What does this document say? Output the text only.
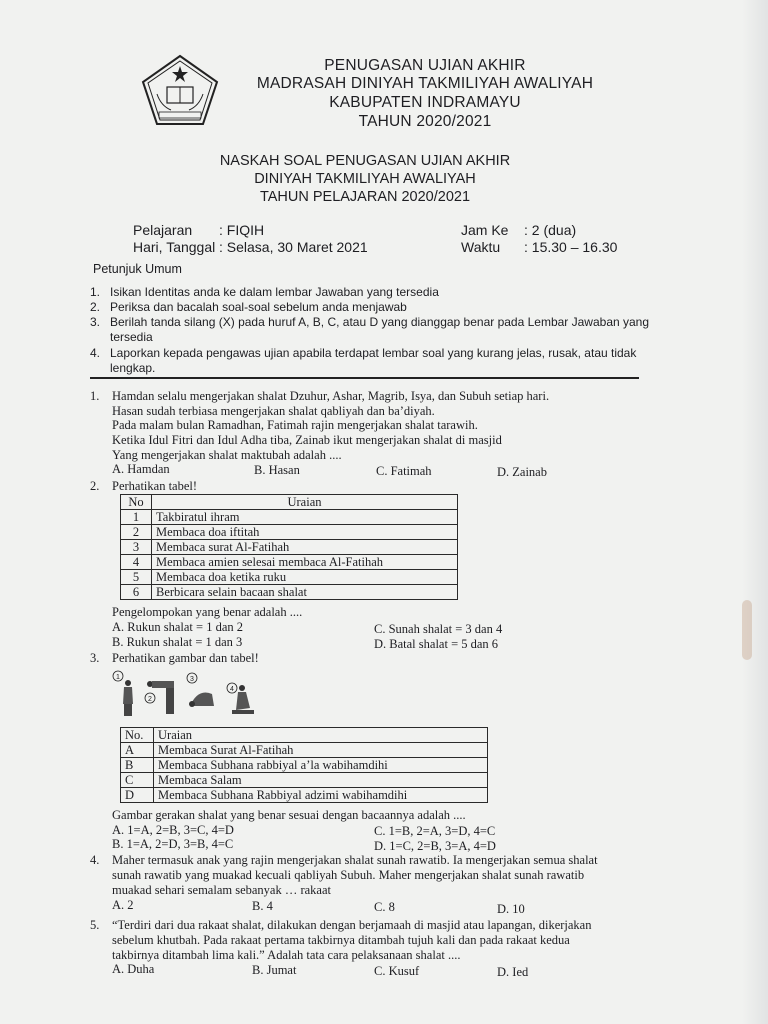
PENUGASAN UJIAN AKHIR
MADRASAH DINIYAH TAKMILIYAH AWALIYAH
KABUPATEN INDRAMAYU
TAHUN 2020/2021
NASKAH SOAL PENUGASAN UJIAN AKHIR
DINIYAH TAKMILIYAH AWALIYAH
TAHUN PELAJARAN 2020/2021
Pelajaran : FIQIH
Hari, Tanggal : Selasa, 30 Maret 2021
Jam Ke : 2 (dua)
Waktu : 15.30 – 16.30
Petunjuk Umum
1. Isikan Identitas anda ke dalam lembar Jawaban yang tersedia
2. Periksa dan bacalah soal-soal sebelum anda menjawab
3. Berilah tanda silang (X) pada huruf A, B, C, atau D yang dianggap benar pada Lembar Jawaban yang tersedia
4. Laporkan kepada pengawas ujian apabila terdapat lembar soal yang kurang jelas, rusak, atau tidak lengkap.
1. Hamdan selalu mengerjakan shalat Dzuhur, Ashar, Magrib, Isya, dan Subuh setiap hari.
Hasan sudah terbiasa mengerjakan shalat qabliyah dan ba’diyah.
Pada malam bulan Ramadhan, Fatimah rajin mengerjakan shalat tarawih.
Ketika Idul Fitri dan Idul Adha tiba, Zainab ikut mengerjakan shalat di masjid
Yang mengerjakan shalat maktubah adalah ....
A. Hamdan	B. Hasan	C. Fatimah	D. Zainab
2. Perhatikan tabel!
No	Uraian
1	Takbiratul ihram
2	Membaca doa iftitah
3	Membaca surat Al-Fatihah
4	Membaca amien selesai membaca Al-Fatihah
5	Membaca doa ketika ruku
6	Berbicara selain bacaan shalat
Pengelompokan yang benar adalah ....
A. Rukun shalat = 1 dan 2
B. Rukun shalat = 1 dan 3
C. Sunah shalat = 3 dan 4
D. Batal shalat = 5 dan 6
3. Perhatikan gambar dan tabel!
1
2
3
4
No.	Uraian
A	Membaca Surat Al-Fatihah
B	Membaca Subhana rabbiyal a’la wabihamdihi
C	Membaca Salam
D	Membaca Subhana Rabbiyal adzimi wabihamdihi
Gambar gerakan shalat yang benar sesuai dengan bacaannya adalah ....
A. 1=A, 2=B, 3=C, 4=D
B. 1=A, 2=D, 3=B, 4=C
C. 1=B, 2=A, 3=D, 4=C
D. 1=C, 2=B, 3=A, 4=D
4. Maher termasuk anak yang rajin mengerjakan shalat sunah rawatib. Ia mengerjakan semua shalat
sunah rawatib yang muakad kecuali qabliyah Subuh. Maher mengerjakan shalat sunah rawatib
muakad sehari semalam sebanyak … rakaat
A. 2	B. 4	C. 8	D. 10
5. “Terdiri dari dua rakaat shalat, dilakukan dengan berjamaah di masjid atau lapangan, dikerjakan
sebelum khutbah. Pada rakaat pertama takbirnya ditambah tujuh kali dan pada rakaat kedua
takbirnya ditambah lima kali.” Adalah tata cara pelaksanaan shalat ....
A. Duha	B. Jumat	C. Kusuf	D. Ied
